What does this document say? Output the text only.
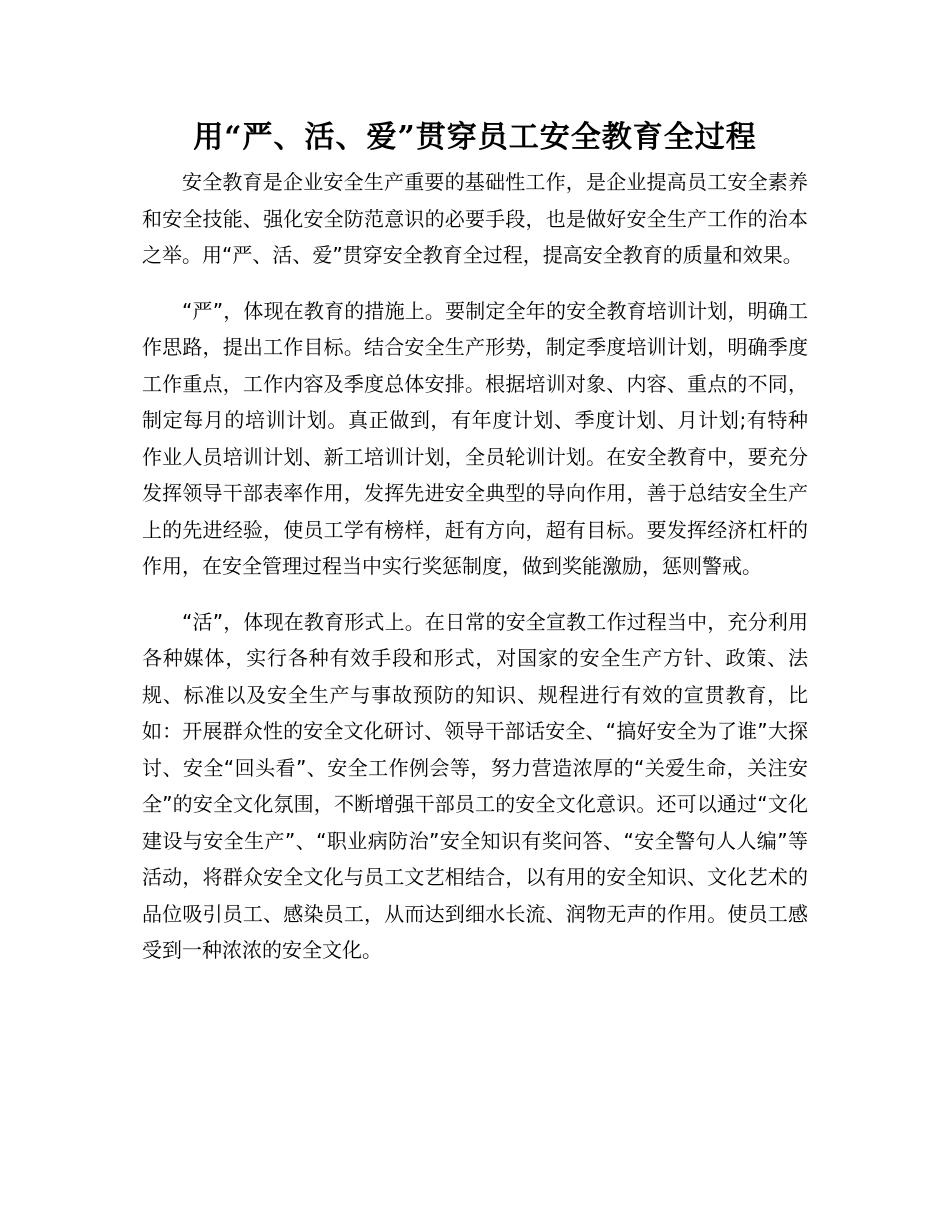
用“严、活、爱”贯穿员工安全教育全过程

安全教育是企业安全生产重要的基础性工作，是企业提高员工安全素养和安全技能、强化安全防范意识的必要手段，也是做好安全生产工作的治本之举。用“严、活、爱”贯穿安全教育全过程，提高安全教育的质量和效果。

“严”，体现在教育的措施上。要制定全年的安全教育培训计划，明确工作思路，提出工作目标。结合安全生产形势，制定季度培训计划，明确季度工作重点，工作内容及季度总体安排。根据培训对象、内容、重点的不同，制定每月的培训计划。真正做到，有年度计划、季度计划、月计划;有特种作业人员培训计划、新工培训计划，全员轮训计划。在安全教育中，要充分发挥领导干部表率作用，发挥先进安全典型的导向作用，善于总结安全生产上的先进经验，使员工学有榜样，赶有方向，超有目标。要发挥经济杠杆的作用，在安全管理过程当中实行奖惩制度，做到奖能激励，惩则警戒。

“活”，体现在教育形式上。在日常的安全宣教工作过程当中，充分利用各种媒体，实行各种有效手段和形式，对国家的安全生产方针、政策、法规、标准以及安全生产与事故预防的知识、规程进行有效的宣贯教育，比如：开展群众性的安全文化研讨、领导干部话安全、“搞好安全为了谁”大探讨、安全“回头看”、安全工作例会等，努力营造浓厚的“关爱生命，关注安全”的安全文化氛围，不断增强干部员工的安全文化意识。还可以通过“文化建设与安全生产”、“职业病防治”安全知识有奖问答、“安全警句人人编”等活动，将群众安全文化与员工文艺相结合，以有用的安全知识、文化艺术的品位吸引员工、感染员工，从而达到细水长流、润物无声的作用。使员工感受到一种浓浓的安全文化。
